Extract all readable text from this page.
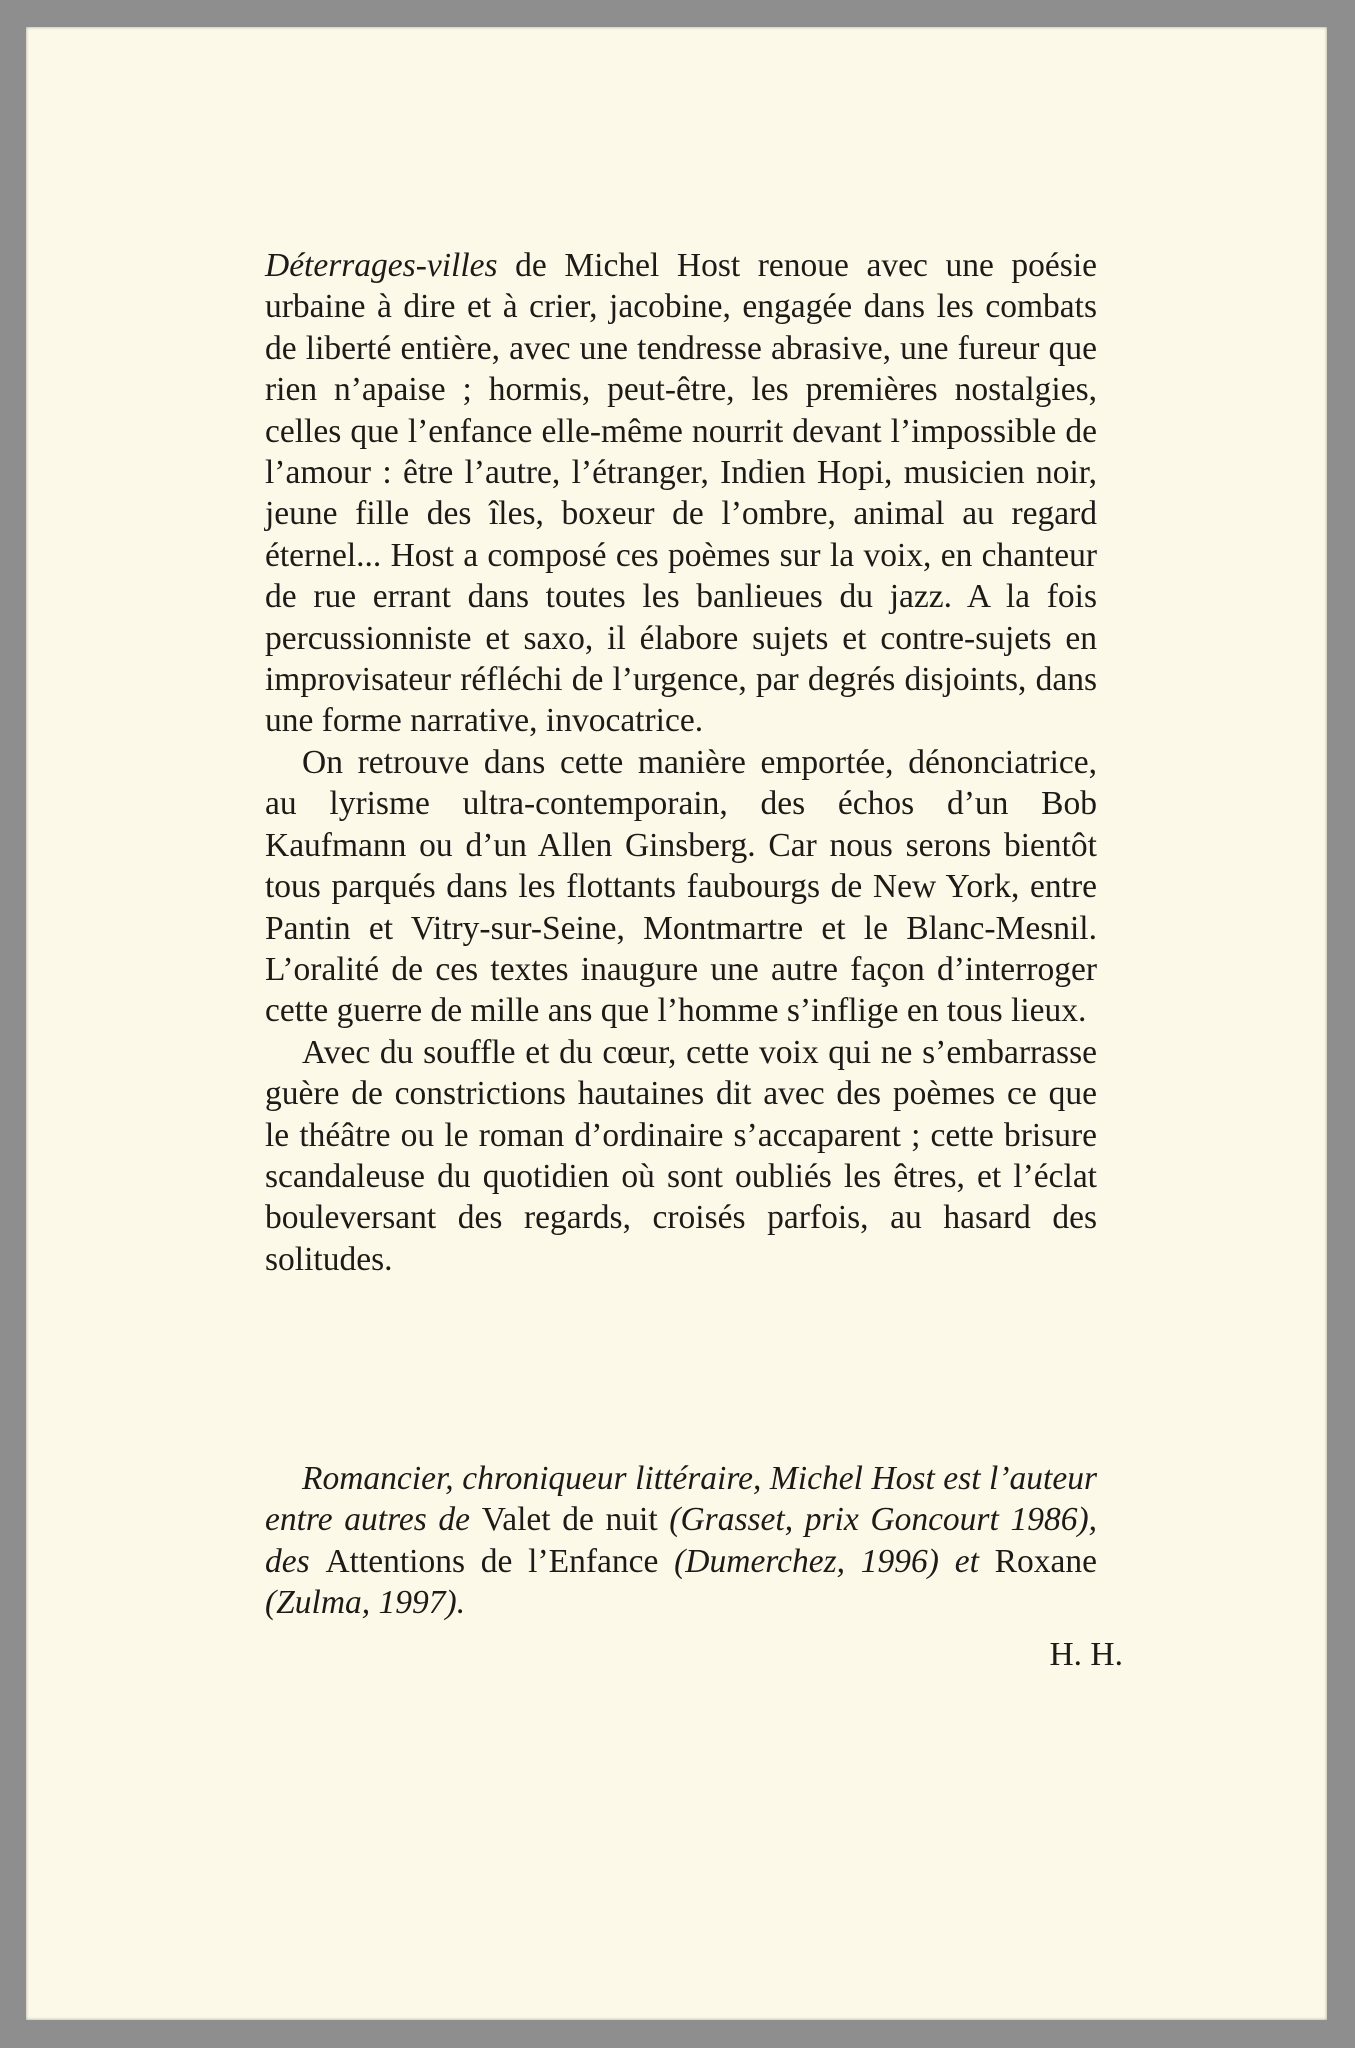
Déterrages-villes de Michel Host renoue avec une poésie urbaine à dire et à crier, jacobine, engagée dans les combats de liberté entière, avec une tendresse abrasive, une fureur que rien n’apaise ; hormis, peut-être, les premières nostalgies, celles que l’enfance elle-même nourrit devant l’impossible de l’amour : être l’autre, l’étranger, Indien Hopi, musicien noir, jeune fille des îles, boxeur de l’ombre, animal au regard éternel... Host a composé ces poèmes sur la voix, en chanteur de rue errant dans toutes les banlieues du jazz. A la fois percussionniste et saxo, il élabore sujets et contre-sujets en improvisateur réfléchi de l’urgence, par degrés disjoints, dans une forme narrative, invocatrice.

On retrouve dans cette manière emportée, dénonciatrice, au lyrisme ultra-contemporain, des échos d’un Bob Kaufmann ou d’un Allen Ginsberg. Car nous serons bientôt tous parqués dans les flottants faubourgs de New York, entre Pantin et Vitry-sur-Seine, Montmartre et le Blanc-Mesnil. L’oralité de ces textes inaugure une autre façon d’interroger cette guerre de mille ans que l’homme s’inflige en tous lieux.

Avec du souffle et du cœur, cette voix qui ne s’embarrasse guère de constrictions hautaines dit avec des poèmes ce que le théâtre ou le roman d’ordinaire s’accaparent ; cette brisure scandaleuse du quotidien où sont oubliés les êtres, et l’éclat bouleversant des regards, croisés parfois, au hasard des solitudes.

Romancier, chroniqueur littéraire, Michel Host est l’auteur entre autres de Valet de nuit (Grasset, prix Goncourt 1986), des Attentions de l’Enfance (Dumerchez, 1996) et Roxane (Zulma, 1997).
H. H.
